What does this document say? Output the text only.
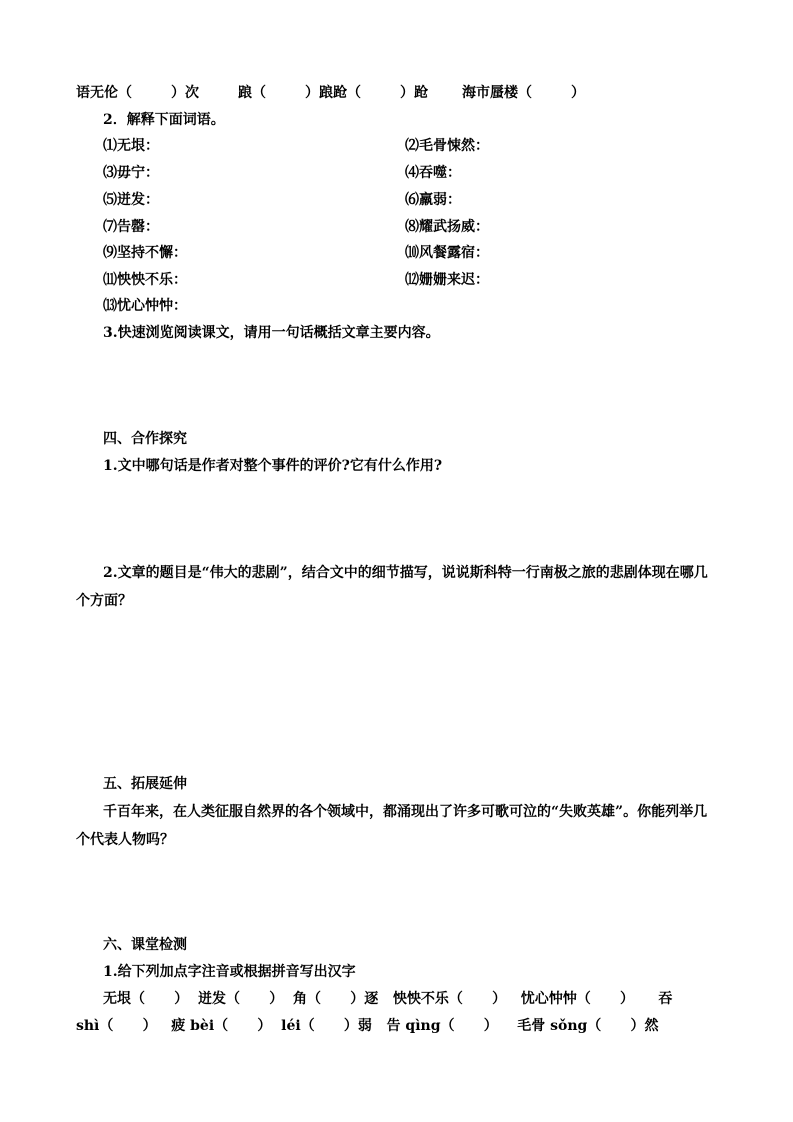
语无伦（        ）次	踉（        ）踉跄（        ）跄 海市蜃楼（        ）
2．解释下面词语。
⑴无垠：	⑵毛骨悚然：
⑶毋宁：	⑷吞噬：
⑸迸发：	⑹羸弱：
⑺告罄：	⑻耀武扬威：
⑼坚持不懈：	⑽风餐露宿：
⑾怏怏不乐：	⑿姗姗来迟：
⒀忧心忡忡：
3.快速浏览阅读课文，请用一句话概括文章主要内容。
四、合作探究
1.文中哪句话是作者对整个事件的评价?它有什么作用?
2.文章的题目是“伟大的悲剧”，结合文中的细节描写，说说斯科特一行南极之旅的悲剧体现在哪几
个方面？
五、拓展延伸
千百年来，在人类征服自然界的各个领域中，都涌现出了许多可歌可泣的“失败英雄”。你能列举几
个代表人物吗？
六、课堂检测
1.给下列加点字注音或根据拼音写出汉字
无垠（      ）  迸发（      ）  角（      ）逐   怏怏不乐（      ）   忧心忡忡（      ）     吞
shì（      ）   疲 bèi（      ）  léi（      ）弱   告 qìng（      ）    毛骨 sǒng（      ）然
